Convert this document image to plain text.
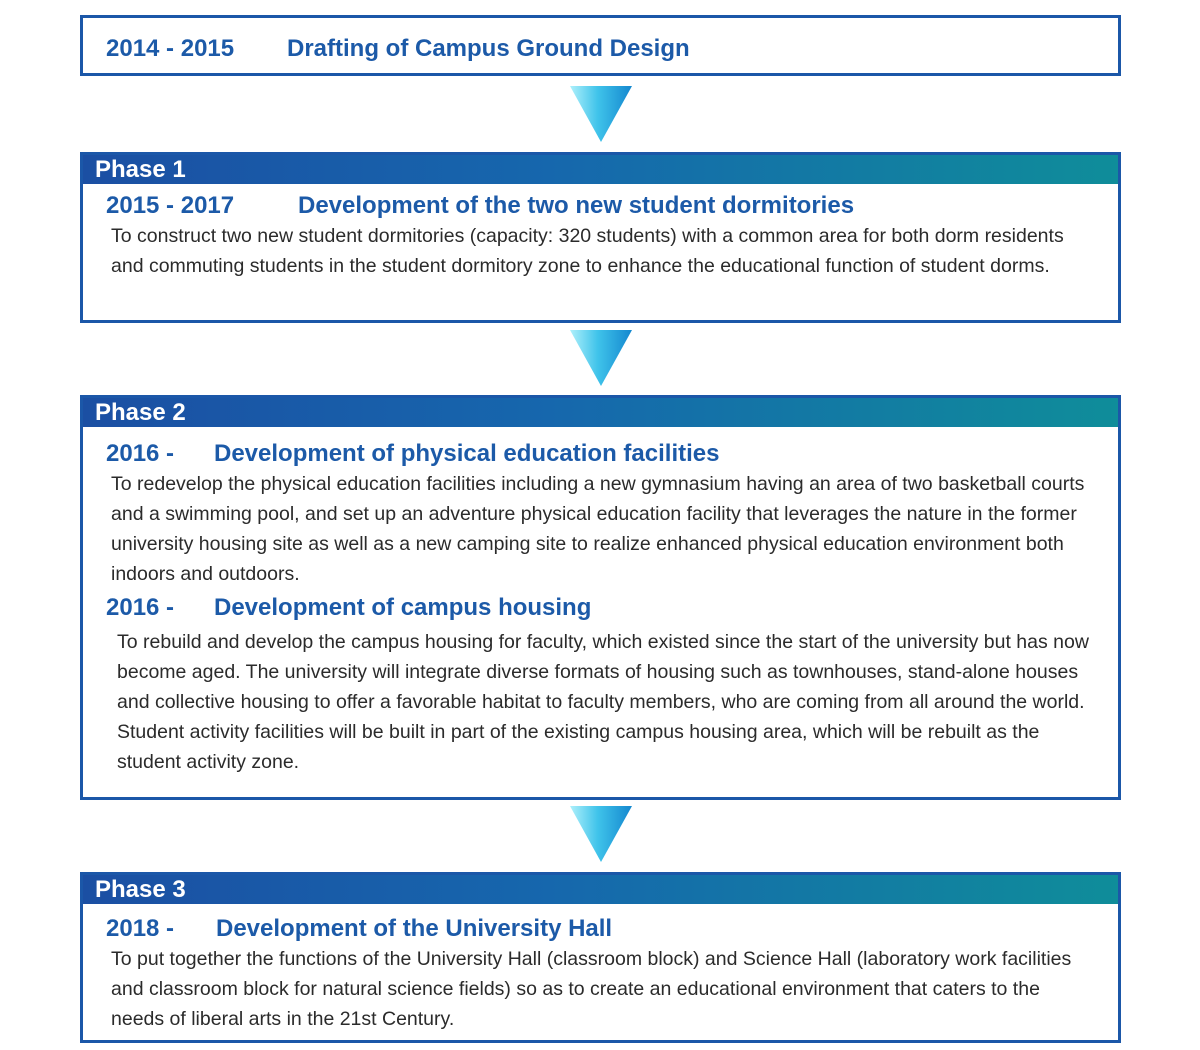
2014 - 2015 Drafting of Campus Ground Design
Phase 1
2015 - 2017	Development of the two new student dormitories

To construct two new student dormitories (capacity: 320 students) with a common area for both dorm residents and commuting students in the student dormitory zone to enhance the educational function of student dorms.

Phase 2
2016 - Development of physical education facilities

To redevelop the physical education facilities including a new gymnasium having an area of two basketball courts and a swimming pool, and set up an adventure physical education facility that leverages the nature in the former university housing site as well as a new camping site to realize enhanced physical education environment both indoors and outdoors.

2016 - Development of campus housing

To rebuild and develop the campus housing for faculty, which existed since the start of the university but has now become aged. The university will integrate diverse formats of housing such as townhouses, stand-alone houses and collective housing to offer a favorable habitat to faculty members, who are coming from all around the world. Student activity facilities will be built in part of the existing campus housing area, which will be rebuilt as the student activity zone.

Phase 3
2018 - Development of the University Hall

To put together the functions of the University Hall (classroom block) and Science Hall (laboratory work facilities and classroom block for natural science fields) so as to create an educational environment that caters to the needs of liberal arts in the 21st Century.
